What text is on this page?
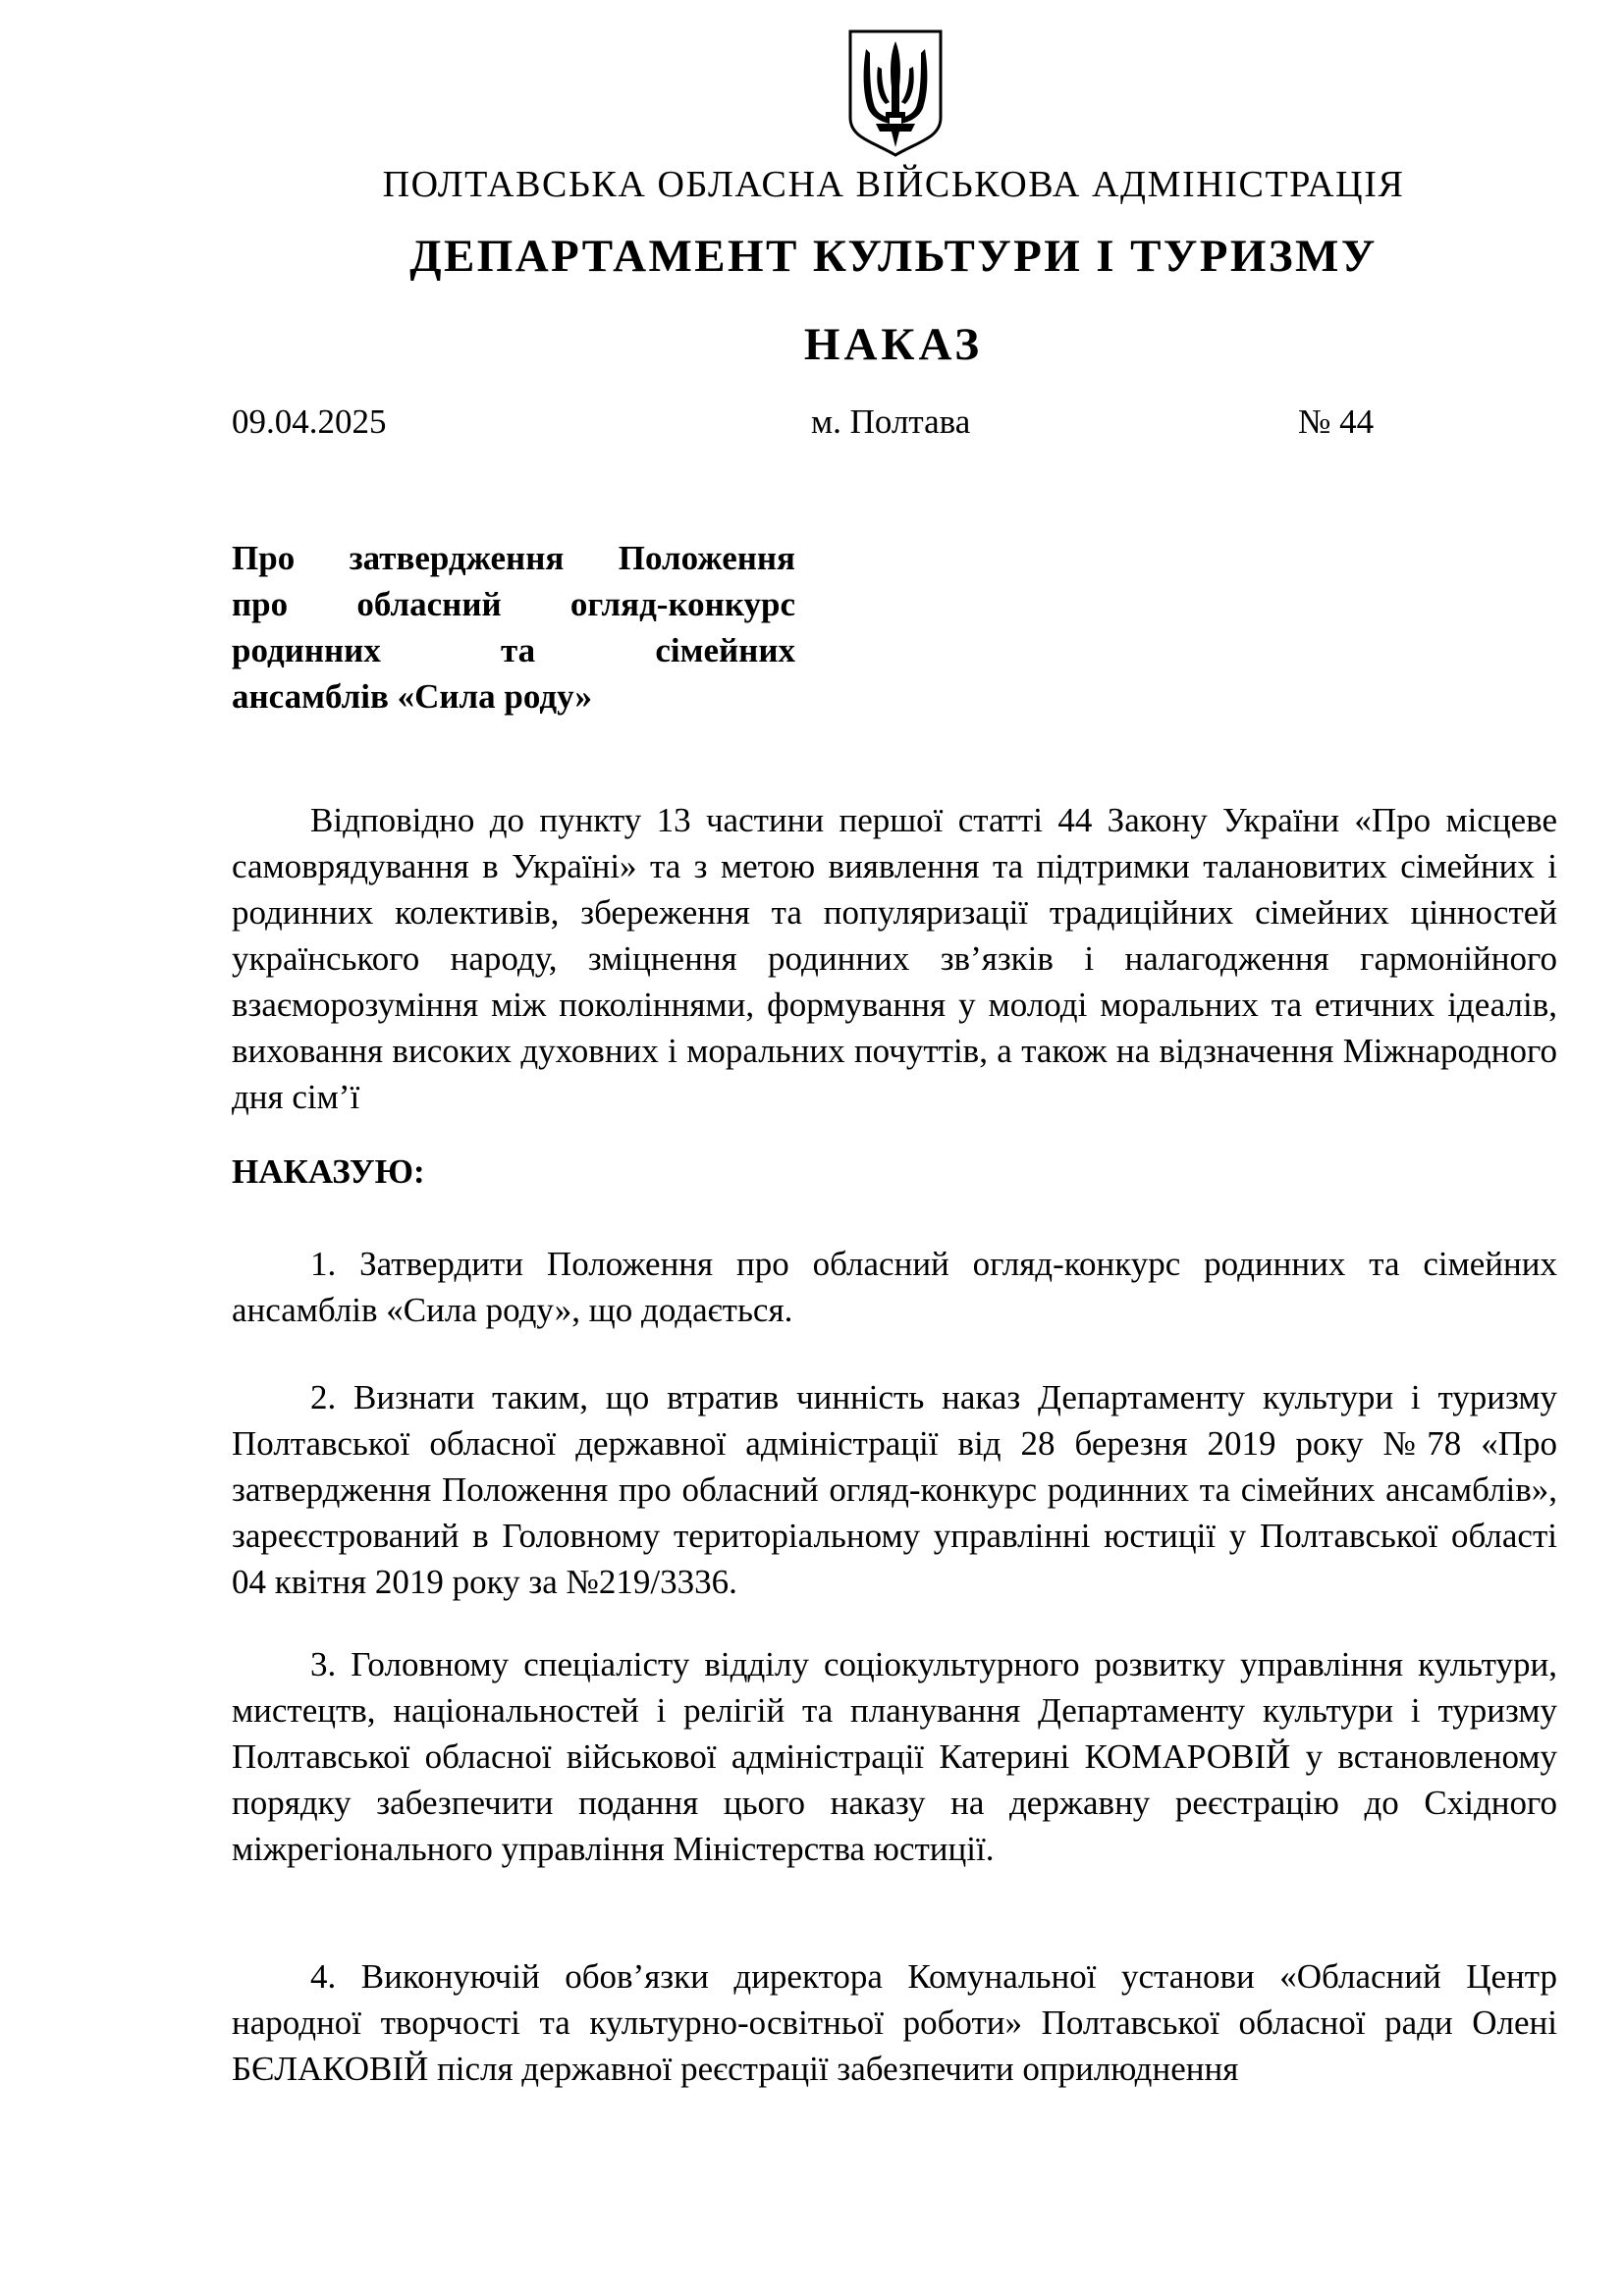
ПОЛТАВСЬКА ОБЛАСНА ВІЙСЬКОВА АДМІНІСТРАЦІЯ
ДЕПАРТАМЕНТ КУЛЬТУРИ І ТУРИЗМУ
НАКАЗ
09.04.2025	м. Полтава	№ 44
Про затвердження Положення
про обласний огляд-конкурс
родинних та сімейних
ансамблів «Сила роду»

Відповідно до пункту 13 частини першої статті 44 Закону України «Про місцеве самоврядування в Україні» та з метою виявлення та підтримки талановитих сімейних і родинних колективів, збереження та популяризації традиційних сімейних цінностей українського народу, зміцнення родинних зв’язків і налагодження гармонійного взаєморозуміння між поколіннями, формування у молоді моральних та етичних ідеалів, виховання високих духовних і моральних почуттів, а також на відзначення Міжнародного дня сім’ї

НАКАЗУЮ:

1. Затвердити Положення про обласний огляд-конкурс родинних та сімейних ансамблів «Сила роду», що додається.

2. Визнати таким, що втратив чинність наказ Департаменту культури і туризму Полтавської обласної державної адміністрації від 28 березня 2019 року №78 «Про затвердження Положення про обласний огляд-конкурс родинних та сімейних ансамблів», зареєстрований в Головному територіальному управлінні юстиції у Полтавської області 04 квітня 2019 року за №219/3336.

3. Головному спеціалісту відділу соціокультурного розвитку управління культури, мистецтв, національностей і релігій та планування Департаменту культури і туризму Полтавської обласної військової адміністрації Катерині КОМАРОВІЙ у встановленому порядку забезпечити подання цього наказу на державну реєстрацію до Східного міжрегіонального управління Міністерства юстиції.

4. Виконуючій обов’язки директора Комунальної установи «Обласний Центр народної творчості та культурно-освітньої роботи» Полтавської обласної ради Олені БЄЛАКОВІЙ після державної реєстрації забезпечити оприлюднення
